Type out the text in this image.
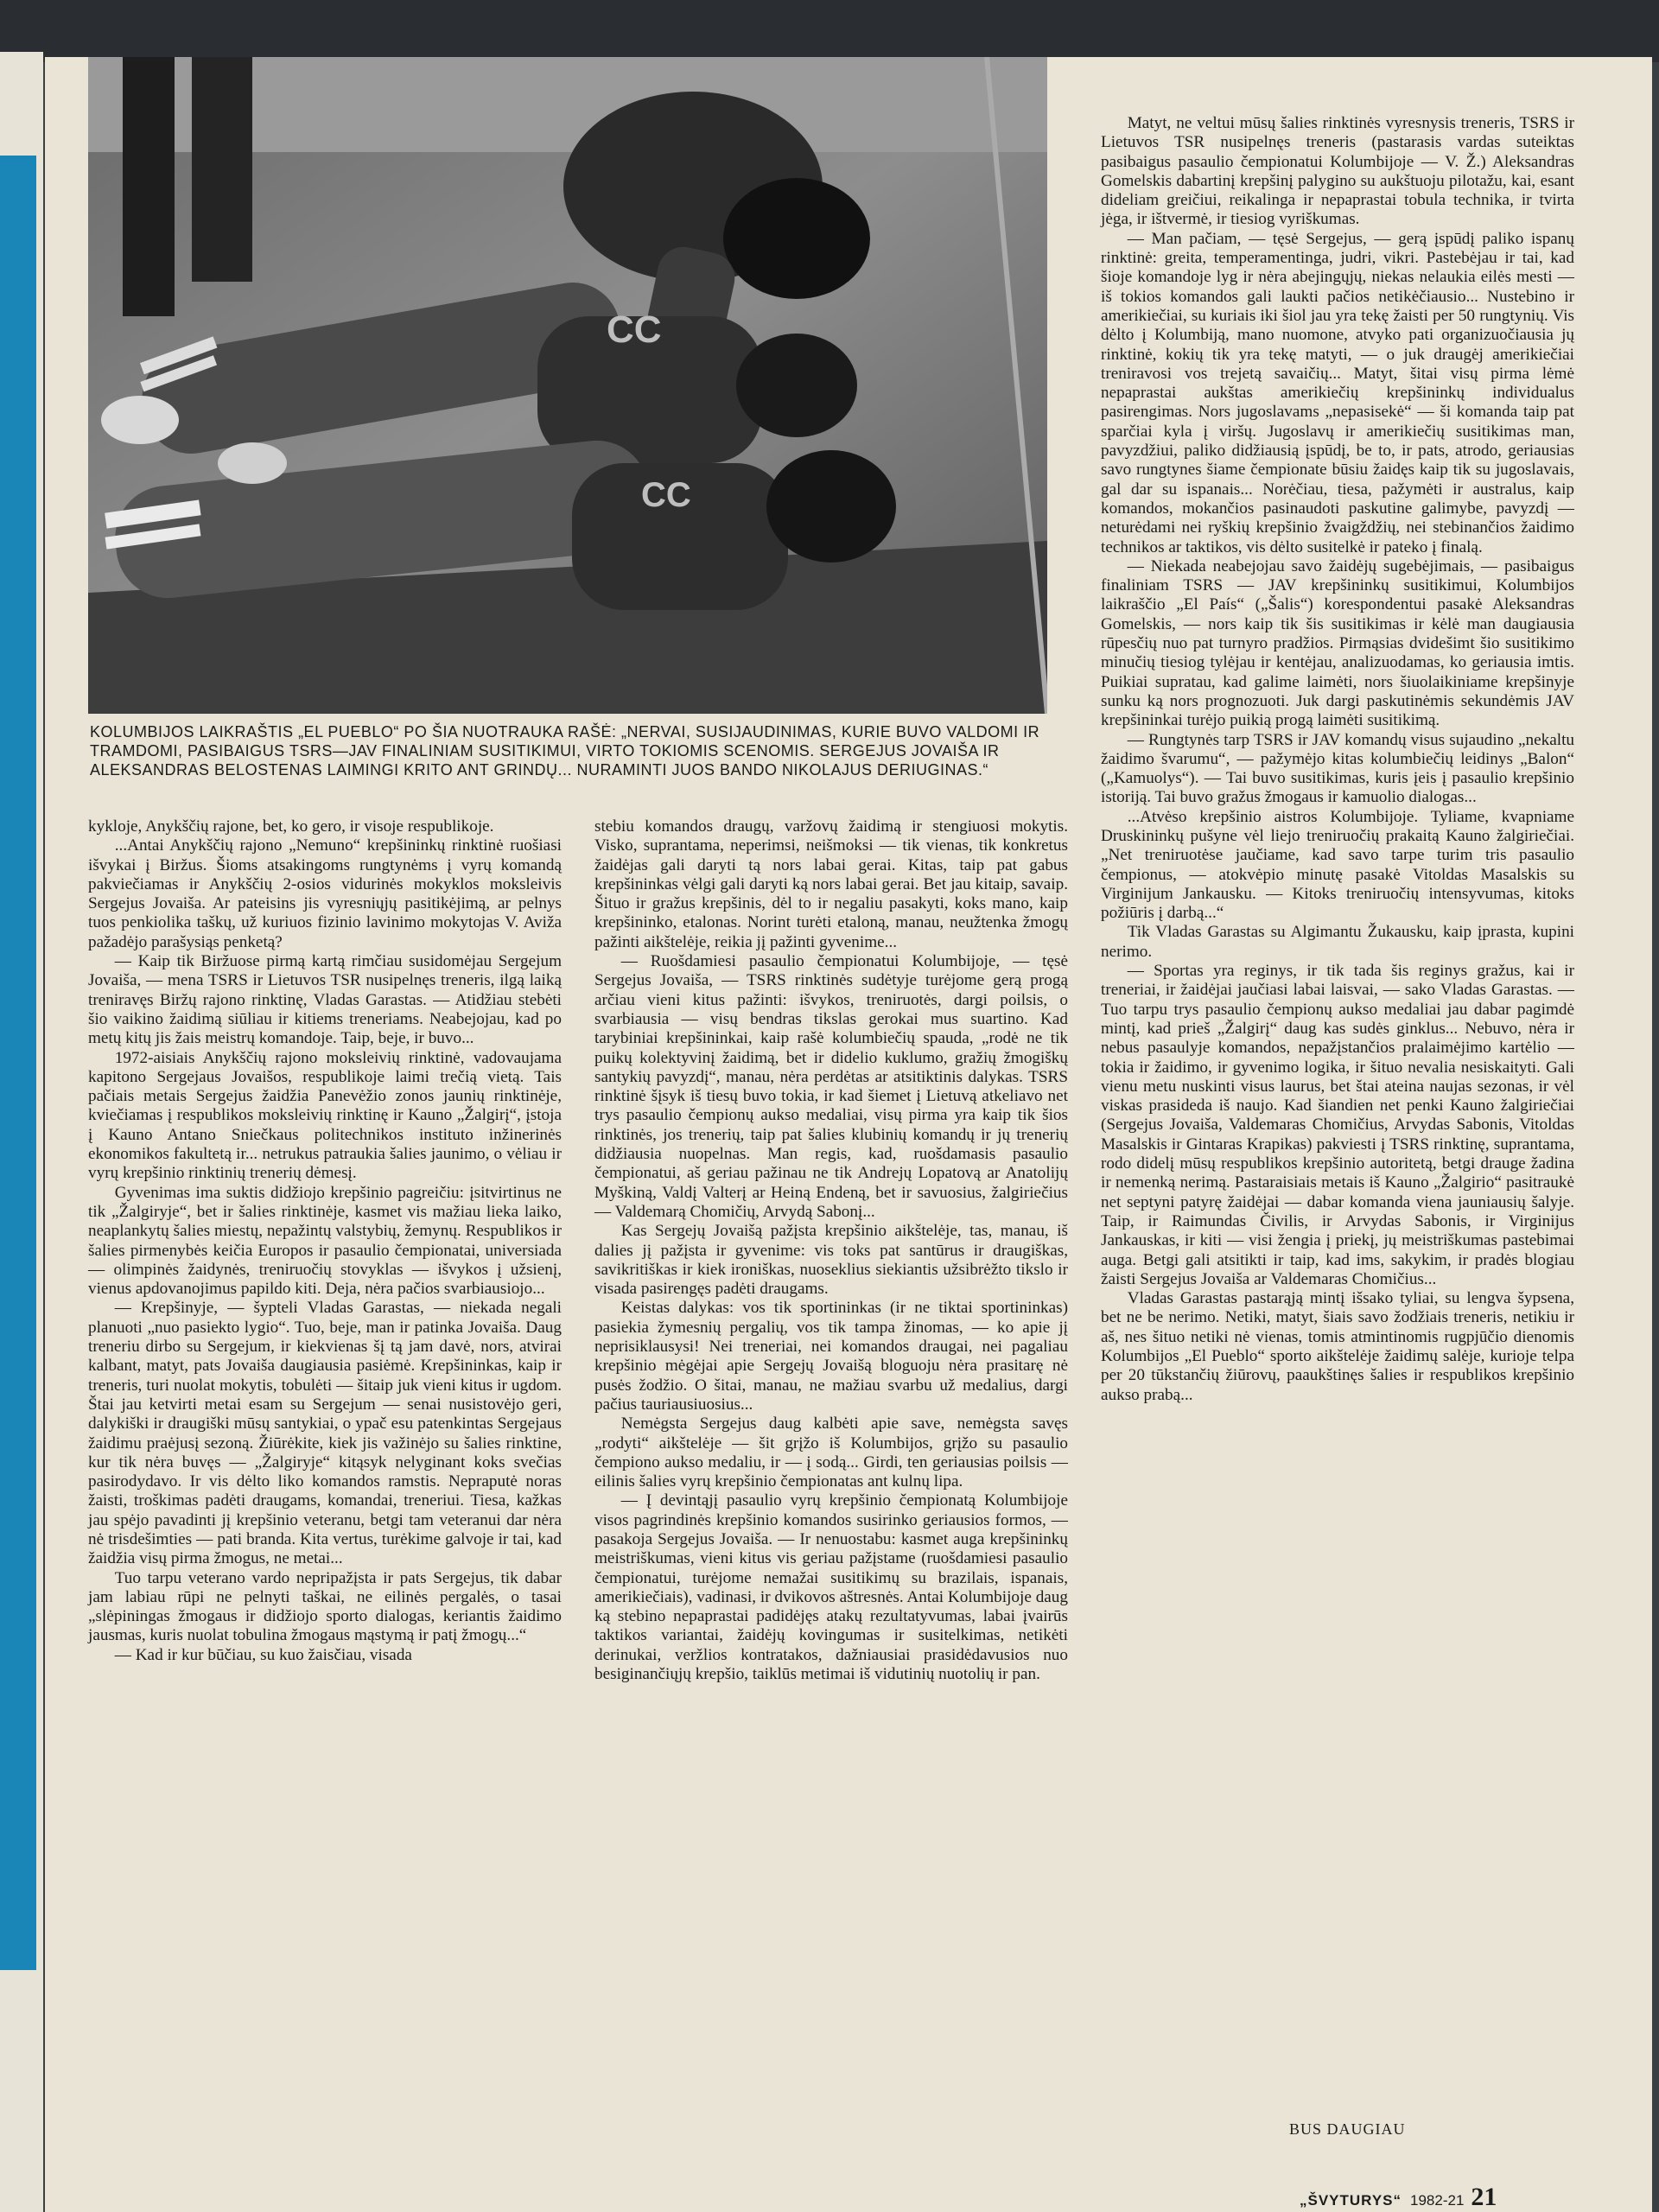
СС
СС
KOLUMBIJOS LAIKRAŠTIS „EL PUEBLO“ PO ŠIA NUOTRAUKA RAŠĖ: „NERVAI, SUSIJAUDINIMAS, KURIE BUVO VALDOMI IR TRAMDOMI, PASIBAIGUS TSRS—JAV FINALINIAM SUSITIKIMUI, VIRTO TOKIOMIS SCENOMIS. SERGEJUS JOVAIŠA IR ALEKSANDRAS BELOSTENAS LAIMINGI KRITO ANT GRINDŲ... NURAMINTI JUOS BANDO NIKOLAJUS DERIUGINAS.“

kykloje, Anykščių rajone, bet, ko gero, ir visoje respublikoje.

...Antai Anykščių rajono „Nemuno“ krepšininkų rinktinė ruošiasi išvykai į Biržus. Šioms atsakingoms rungtynėms į vyrų komandą pakviečiamas ir Anykščių 2-osios vidurinės mokyklos moksleivis Sergejus Jovaiša. Ar pateisins jis vyresniųjų pasitikėjimą, ar pelnys tuos penkiolika taškų, už kuriuos fizinio lavinimo mokytojas V. Aviža pažadėjo parašysiąs penketą?

— Kaip tik Biržuose pirmą kartą rimčiau susidomėjau Sergejum Jovaiša, — mena TSRS ir Lietuvos TSR nusipelnęs treneris, ilgą laiką treniravęs Biržų rajono rinktinę, Vladas Garastas. — Atidžiau stebėti šio vaikino žaidimą siūliau ir kitiems treneriams. Neabejojau, kad po metų kitų jis žais meistrų komandoje. Taip, beje, ir buvo...

1972-aisiais Anykščių rajono moksleivių rinktinė, vadovaujama kapitono Sergejaus Jovaišos, respublikoje laimi trečią vietą. Tais pačiais metais Sergejus žaidžia Panevėžio zonos jaunių rinktinėje, kviečiamas į respublikos moksleivių rinktinę ir Kauno „Žalgirį“, įstoja į Kauno Antano Sniečkaus politechnikos instituto inžinerinės ekonomikos fakultetą ir... netrukus patraukia šalies jaunimo, o vėliau ir vyrų krepšinio rinktinių trenerių dėmesį.

Gyvenimas ima suktis didžiojo krepšinio pagreičiu: įsitvirtinus ne tik „Žalgiryje“, bet ir šalies rinktinėje, kasmet vis mažiau lieka laiko, neaplankytų šalies miestų, nepažintų valstybių, žemynų. Respublikos ir šalies pirmenybės keičia Europos ir pasaulio čempionatai, universiada — olimpinės žaidynės, treniruočių stovyklas — išvykos į užsienį, vienus apdovanojimus papildo kiti. Deja, nėra pačios svarbiausiojo...

— Krepšinyje, — šypteli Vladas Garastas, — niekada negali planuoti „nuo pasiekto lygio“. Tuo, beje, man ir patinka Jovaiša. Daug treneriu dirbo su Sergejum, ir kiekvienas šį tą jam davė, nors, atvirai kalbant, matyt, pats Jovaiša daugiausia pasiėmė. Krepšininkas, kaip ir treneris, turi nuolat mokytis, tobulėti — šitaip juk vieni kitus ir ugdom. Štai jau ketvirti metai esam su Sergejum — senai nusistovėjo geri, dalykiški ir draugiški mūsų santykiai, o ypač esu patenkintas Sergejaus žaidimu praėjusį sezoną. Žiūrėkite, kiek jis važinėjo su šalies rinktine, kur tik nėra buvęs — „Žalgiryje“ kitąsyk nelyginant koks svečias pasirodydavo. Ir vis dėlto liko komandos ramstis. Nepraputė noras žaisti, troškimas padėti draugams, komandai, treneriui. Tiesa, kažkas jau spėjo pavadinti jį krepšinio veteranu, betgi tam veteranui dar nėra nė trisdešimties — pati branda. Kita vertus, turėkime galvoje ir tai, kad žaidžia visų pirma žmogus, ne metai...

Tuo tarpu veterano vardo nepripažįsta ir pats Sergejus, tik dabar jam labiau rūpi ne pelnyti taškai, ne eilinės pergalės, o tasai „slėpiningas žmogaus ir didžiojo sporto dialogas, keriantis žaidimo jausmas, kuris nuolat tobulina žmogaus mąstymą ir patį žmogų...“

— Kad ir kur būčiau, su kuo žaisčiau, visada

stebiu komandos draugų, varžovų žaidimą ir stengiuosi mokytis. Visko, suprantama, neperimsi, neišmoksi — tik vienas, tik konkretus žaidėjas gali daryti tą nors labai gerai. Kitas, taip pat gabus krepšininkas vėlgi gali daryti ką nors labai gerai. Bet jau kitaip, savaip. Šituo ir gražus krepšinis, dėl to ir negaliu pasakyti, koks mano, kaip krepšininko, etalonas. Norint turėti etaloną, manau, neužtenka žmogų pažinti aikštelėje, reikia jį pažinti gyvenime...

— Ruošdamiesi pasaulio čempionatui Kolumbijoje, — tęsė Sergejus Jovaiša, — TSRS rinktinės sudėtyje turėjome gerą progą arčiau vieni kitus pažinti: išvykos, treniruotės, dargi poilsis, o svarbiausia — visų bendras tikslas gerokai mus suartino. Kad tarybiniai krepšininkai, kaip rašė kolumbiečių spauda, „rodė ne tik puikų kolektyvinį žaidimą, bet ir didelio kuklumo, gražių žmogiškų santykių pavyzdį“, manau, nėra perdėtas ar atsitiktinis dalykas. TSRS rinktinė šįsyk iš tiesų buvo tokia, ir kad šiemet į Lietuvą atkeliavo net trys pasaulio čempionų aukso medaliai, visų pirma yra kaip tik šios rinktinės, jos trenerių, taip pat šalies klubinių komandų ir jų trenerių didžiausia nuopelnas. Man regis, kad, ruošdamasis pasaulio čempionatui, aš geriau pažinau ne tik Andrejų Lopatovą ar Anatolijų Myškiną, Valdį Valterį ar Heiną Endeną, bet ir savuosius, žalgiriečius — Valdemarą Chomičių, Arvydą Sabonį...

Kas Sergejų Jovaišą pažįsta krepšinio aikštelėje, tas, manau, iš dalies jį pažįsta ir gyvenime: vis toks pat santūrus ir draugiškas, savikritiškas ir kiek ironiškas, nuoseklius siekiantis užsibrėžto tikslo ir visada pasirengęs padėti draugams.

Keistas dalykas: vos tik sportininkas (ir ne tiktai sportininkas) pasiekia žymesnių pergalių, vos tik tampa žinomas, — ko apie jį neprisiklausysi! Nei treneriai, nei komandos draugai, nei pagaliau krepšinio mėgėjai apie Sergejų Jovaišą bloguoju nėra prasitarę nė pusės žodžio. O šitai, manau, ne mažiau svarbu už medalius, dargi pačius tauriausiuosius...

Nemėgsta Sergejus daug kalbėti apie save, nemėgsta savęs „rodyti“ aikštelėje — šit grįžo iš Kolumbijos, grįžo su pasaulio čempiono aukso medaliu, ir — į sodą... Girdi, ten geriausias poilsis — eilinis šalies vyrų krepšinio čempionatas ant kulnų lipa.

— Į devintąjį pasaulio vyrų krepšinio čempionatą Kolumbijoje visos pagrindinės krepšinio komandos susirinko geriausios formos, — pasakoja Sergejus Jovaiša. — Ir nenuostabu: kasmet auga krepšininkų meistriškumas, vieni kitus vis geriau pažįstame (ruošdamiesi pasaulio čempionatui, turėjome nemažai susitikimų su brazilais, ispanais, amerikiečiais), vadinasi, ir dvikovos aštresnės. Antai Kolumbijoje daug ką stebino nepaprastai padidėjęs atakų rezultatyvumas, labai įvairūs taktikos variantai, žaidėjų kovingumas ir susitelkimas, netikėti derinukai, veržlios kontratakos, dažniausiai prasidėdavusios nuo besiginančiųjų krepšio, taiklūs metimai iš vidutinių nuotolių ir pan.

Matyt, ne veltui mūsų šalies rinktinės vyresnysis treneris, TSRS ir Lietuvos TSR nusipelnęs treneris (pastarasis vardas suteiktas pasibaigus pasaulio čempionatui Kolumbijoje — V. Ž.) Aleksandras Gomelskis dabartinį krepšinį palygino su aukštuoju pilotažu, kai, esant dideliam greičiui, reikalinga ir nepaprastai tobula technika, ir tvirta jėga, ir ištvermė, ir tiesiog vyriškumas.

— Man pačiam, — tęsė Sergejus, — gerą įspūdį paliko ispanų rinktinė: greita, temperamentinga, judri, vikri. Pastebėjau ir tai, kad šioje komandoje lyg ir nėra abejingųjų, niekas nelaukia eilės mesti — iš tokios komandos gali laukti pačios netikėčiausio... Nustebino ir amerikiečiai, su kuriais iki šiol jau yra tekę žaisti per 50 rungtynių. Vis dėlto į Kolumbiją, mano nuomone, atvyko pati organizuočiausia jų rinktinė, kokių tik yra tekę matyti, — o juk draugėj amerikiečiai treniravosi vos trejetą savaičių... Matyt, šitai visų pirma lėmė nepaprastai aukštas amerikiečių krepšininkų individualus pasirengimas. Nors jugoslavams „nepasisekė“ — ši komanda taip pat sparčiai kyla į viršų. Jugoslavų ir amerikiečių susitikimas man, pavyzdžiui, paliko didžiausią įspūdį, be to, ir pats, atrodo, geriausias savo rungtynes šiame čempionate būsiu žaidęs kaip tik su jugoslavais, gal dar su ispanais... Norėčiau, tiesa, pažymėti ir australus, kaip komandos, mokančios pasinaudoti paskutine galimybe, pavyzdį — neturėdami nei ryškių krepšinio žvaigždžių, nei stebinančios žaidimo technikos ar taktikos, vis dėlto susitelkė ir pateko į finalą.

— Niekada neabejojau savo žaidėjų sugebėjimais, — pasibaigus finaliniam TSRS — JAV krepšininkų susitikimui, Kolumbijos laikraščio „El País“ („Šalis“) korespondentui pasakė Aleksandras Gomelskis, — nors kaip tik šis susitikimas ir kėlė man daugiausia rūpesčių nuo pat turnyro pradžios. Pirmąsias dvidešimt šio susitikimo minučių tiesiog tylėjau ir kentėjau, analizuodamas, ko geriausia imtis. Puikiai supratau, kad galime laimėti, nors šiuolaikiniame krepšinyje sunku ką nors prognozuoti. Juk dargi paskutinėmis sekundėmis JAV krepšininkai turėjo puikią progą laimėti susitikimą.

— Rungtynės tarp TSRS ir JAV komandų visus sujaudino „nekaltu žaidimo švarumu“, — pažymėjo kitas kolumbiečių leidinys „Balon“ („Kamuolys“). — Tai buvo susitikimas, kuris įeis į pasaulio krepšinio istoriją. Tai buvo gražus žmogaus ir kamuolio dialogas...

...Atvėso krepšinio aistros Kolumbijoje. Tyliame, kvapniame Druskininkų pušyne vėl liejo treniruočių prakaitą Kauno žalgiriečiai. „Net treniruotėse jaučiame, kad savo tarpe turim tris pasaulio čempionus, — atokvėpio minutę pasakė Vitoldas Masalskis su Virginijum Jankausku. — Kitoks treniruočių intensyvumas, kitoks požiūris į darbą...“

Tik Vladas Garastas su Algimantu Žukausku, kaip įprasta, kupini nerimo.

— Sportas yra reginys, ir tik tada šis reginys gražus, kai ir treneriai, ir žaidėjai jaučiasi labai laisvai, — sako Vladas Garastas. — Tuo tarpu trys pasaulio čempionų aukso medaliai jau dabar pagimdė mintį, kad prieš „Žalgirį“ daug kas sudės ginklus... Nebuvo, nėra ir nebus pasaulyje komandos, nepažįstančios pralaimėjimo kartėlio — tokia ir žaidimo, ir gyvenimo logika, ir šituo nevalia nesiskaityti. Gali vienu metu nuskinti visus laurus, bet štai ateina naujas sezonas, ir vėl viskas prasideda iš naujo. Kad šiandien net penki Kauno žalgiriečiai (Sergejus Jovaiša, Valdemaras Chomičius, Arvydas Sabonis, Vitoldas Masalskis ir Gintaras Krapikas) pakviesti į TSRS rinktinę, suprantama, rodo didelį mūsų respublikos krepšinio autoritetą, betgi drauge žadina ir nemenką nerimą. Pastaraisiais metais iš Kauno „Žalgirio“ pasitraukė net septyni patyrę žaidėjai — dabar komanda viena jauniausių šalyje. Taip, ir Raimundas Čivilis, ir Arvydas Sabonis, ir Virginijus Jankauskas, ir kiti — visi žengia į priekį, jų meistriškumas pastebimai auga. Betgi gali atsitikti ir taip, kad ims, sakykim, ir pradės blogiau žaisti Sergejus Jovaiša ar Valdemaras Chomičius...

Vladas Garastas pastarąją mintį išsako tyliai, su lengva šypsena, bet ne be nerimo. Netiki, matyt, šiais savo žodžiais treneris, netikiu ir aš, nes šituo netiki nė vienas, tomis atmintinomis rugpjūčio dienomis Kolumbijos „El Pueblo“ sporto aikštelėje žaidimų salėje, kurioje telpa per 20 tūkstančių žiūrovų, paaukštinęs šalies ir respublikos krepšinio aukso prabą...

BUS DAUGIAU
„ŠVYTURYS“ 1982-21 21
